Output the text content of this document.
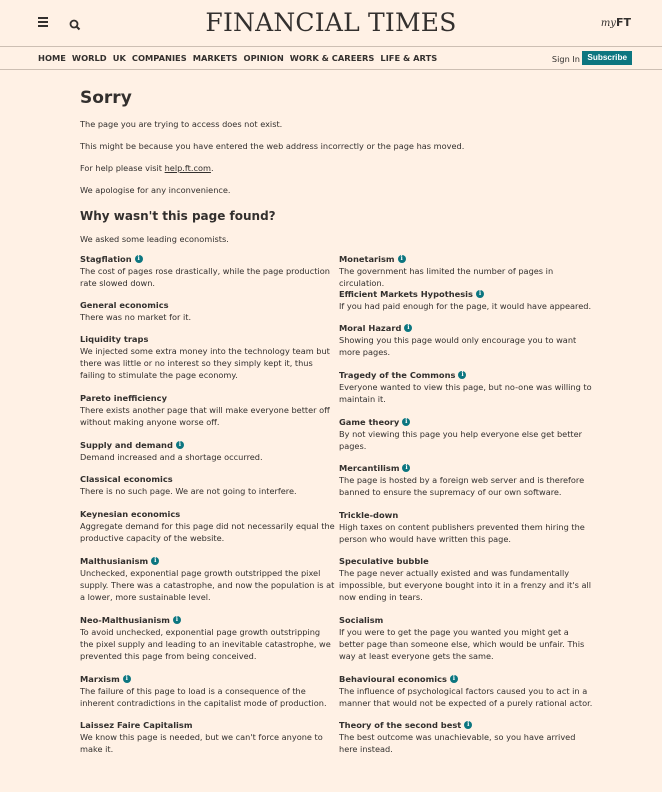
FINANCIAL TIMES	myFT
HOME WORLD UK COMPANIES MARKETS OPINION WORK & CAREERS LIFE & ARTS	Sign In Subscribe
Sorry

The page you are trying to access does not exist.

This might be because you have entered the web address incorrectly or the page has moved.

For help please visit help.ft.com.

We apologise for any inconvenience.

Why wasn't this page found?

We asked some leading economists.

Stagflation i
The cost of pages rose drastically, while the page production rate slowed down.
General economics
There was no market for it.
Liquidity traps
We injected some extra money into the technology team but there was little or no interest so they simply kept it, thus failing to stimulate the page economy.
Pareto inefficiency
There exists another page that will make everyone better off without making anyone worse off.
Supply and demand i
Demand increased and a shortage occurred.
Classical economics
There is no such page. We are not going to interfere.
Keynesian economics
Aggregate demand for this page did not necessarily equal the productive capacity of the website.
Malthusianism i
Unchecked, exponential page growth outstripped the pixel supply. There was a catastrophe, and now the population is at a lower, more sustainable level.
Neo-Malthusianism i
To avoid unchecked, exponential page growth outstripping the pixel supply and leading to an inevitable catastrophe, we prevented this page from being conceived.
Marxism i
The failure of this page to load is a consequence of the inherent contradictions in the capitalist mode of production.
Laissez Faire Capitalism
We know this page is needed, but we can't force anyone to make it.
Monetarism i
The government has limited the number of pages in circulation.
Efficient Markets Hypothesis i
If you had paid enough for the page, it would have appeared.
Moral Hazard i
Showing you this page would only encourage you to want more pages.
Tragedy of the Commons i
Everyone wanted to view this page, but no-one was willing to maintain it.
Game theory i
By not viewing this page you help everyone else get better pages.
Mercantilism i
The page is hosted by a foreign web server and is therefore banned to ensure the supremacy of our own software.
Trickle-down
High taxes on content publishers prevented them hiring the person who would have written this page.
Speculative bubble
The page never actually existed and was fundamentally impossible, but everyone bought into it in a frenzy and it's all now ending in tears.
Socialism
If you were to get the page you wanted you might get a better page than someone else, which would be unfair. This way at least everyone gets the same.
Behavioural economics i
The influence of psychological factors caused you to act in a manner that would not be expected of a purely rational actor.
Theory of the second best i
The best outcome was unachievable, so you have arrived here instead.
